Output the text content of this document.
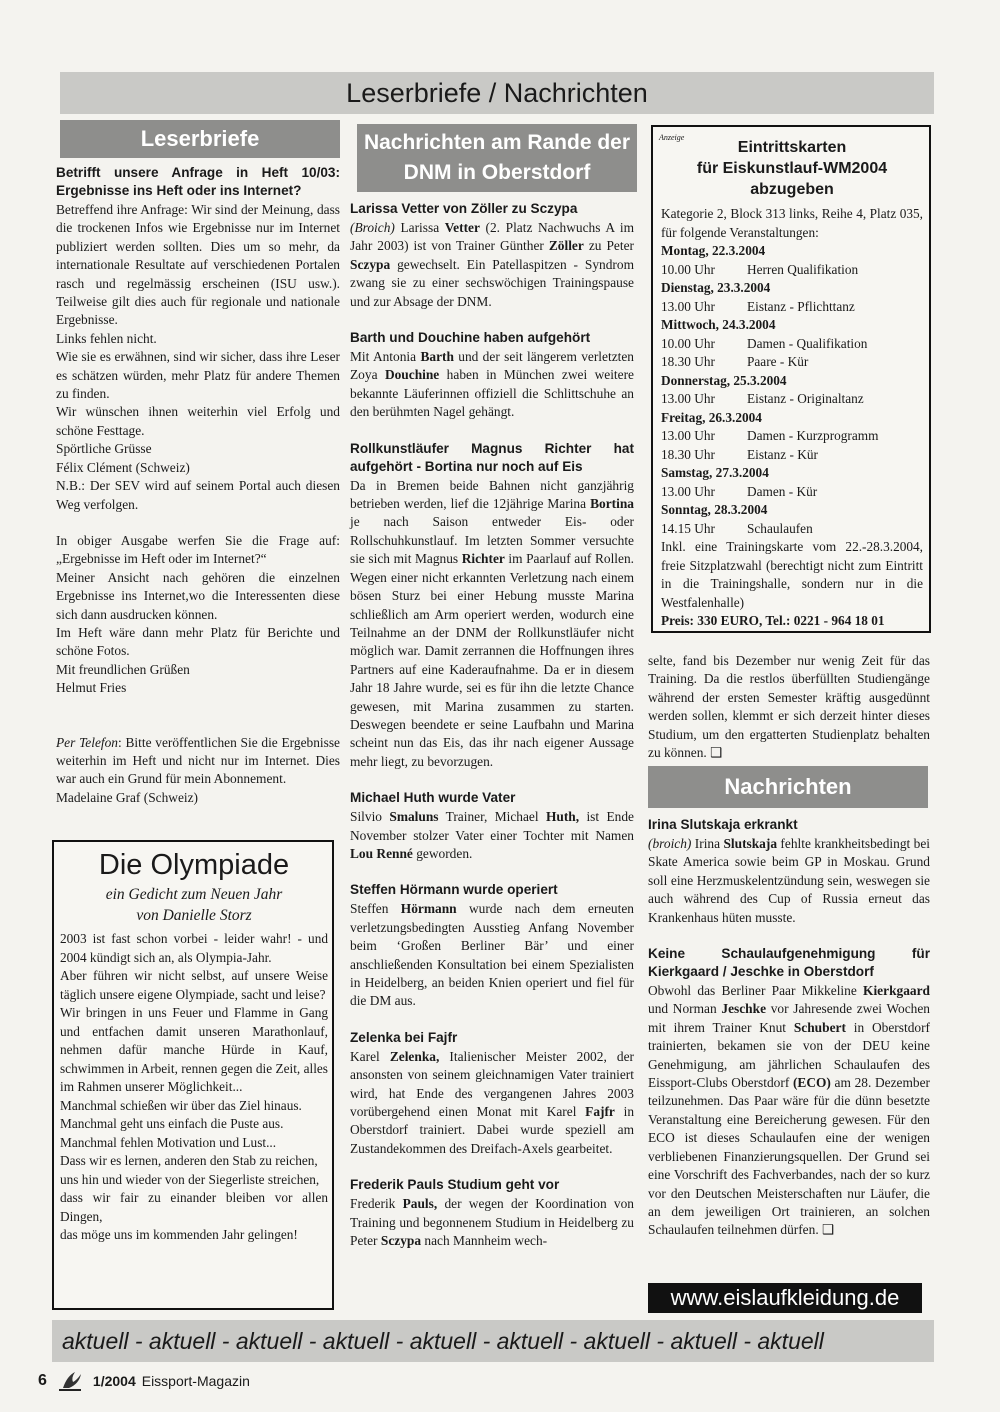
Leserbriefe / Nachrichten
Leserbriefe	Nachrichten am Rande der DNM in Oberstdorf
Betrifft unsere Anfrage in Heft 10/03: Ergebnisse ins Heft oder ins Internet?

Betreffend ihre Anfrage: Wir sind der Meinung, dass die trockenen Infos wie Ergebnisse nur im Internet publiziert werden sollten. Dies um so mehr, da internationale Resultate auf verschiedenen Portalen rasch und regelmässig erscheinen (ISU usw.). Teilweise gilt dies auch für regionale und nationale Ergebnisse.

Links fehlen nicht.

Wie sie es erwähnen, sind wir sicher, dass ihre Leser es schätzen würden, mehr Platz für andere Themen zu finden.

Wir wünschen ihnen weiterhin viel Erfolg und schöne Festtage.

Spörtliche Grüsse

Félix Clément (Schweiz)

N.B.: Der SEV wird auf seinem Portal auch diesen Weg verfolgen.

In obiger Ausgabe werfen Sie die Frage auf: „Ergebnisse im Heft oder im Internet?“

Meiner Ansicht nach gehören die einzelnen Ergebnisse ins Internet,wo die Interessenten diese sich dann ausdrucken können.

Im Heft wäre dann mehr Platz für Berichte und schöne Fotos.

Mit freundlichen Grüßen

Helmut Fries

Per Telefon: Bitte veröffentlichen Sie die Ergebnisse weiterhin im Heft und nicht nur im Internet. Dies war auch ein Grund für mein Abonnement.

Madelaine Graf (Schweiz)

Die Olympiade
ein Gedicht zum Neuen Jahr
von Danielle Storz

2003 ist fast schon vorbei - leider wahr! - und 2004 kündigt sich an, als Olympia-Jahr.

Aber führen wir nicht selbst, auf unsere Weise täglich unsere eigene Olympiade, sacht und leise?

Wir bringen in uns Feuer und Flamme in Gang und entfachen damit unseren Marathonlauf, nehmen dafür manche Hürde in Kauf, schwimmen in Arbeit, rennen gegen die Zeit, alles im Rahmen unserer Möglichkeit...

Manchmal schießen wir über das Ziel hinaus.

Manchmal geht uns einfach die Puste aus.

Manchmal fehlen Motivation und Lust...

Dass wir es lernen, anderen den Stab zu reichen,

uns hin und wieder von der Siegerliste streichen,

dass wir fair zu einander bleiben vor allen Dingen,

das möge uns im kommenden Jahr gelingen!

Larissa Vetter von Zöller zu Sczypa

(Broich) Larissa Vetter (2. Platz Nachwuchs A im Jahr 2003) ist von Trainer Günther Zöller zu Peter Sczypa gewechselt. Ein Patellaspitzen - Syndrom zwang sie zu einer sechswöchigen Trainingspause und zur Absage der DNM.

Barth und Douchine haben aufgehört

Mit Antonia Barth und der seit längerem verletzten Zoya Douchine haben in München zwei weitere bekannte Läuferinnen offiziell die Schlittschuhe an den berühmten Nagel gehängt.

Rollkunstläufer Magnus Richter hat aufgehört - Bortina nur noch auf Eis

Da in Bremen beide Bahnen nicht ganzjährig betrieben werden, lief die 12jährige Marina Bortina je nach Saison entweder Eis- oder Rollschuhkunstlauf. Im letzten Sommer versuchte sie sich mit Magnus Richter im Paarlauf auf Rollen. Wegen einer nicht erkannten Verletzung nach einem bösen Sturz bei einer Hebung musste Marina schließlich am Arm operiert werden, wodurch eine Teilnahme an der DNM der Rollkunstläufer nicht möglich war. Damit zerrannen die Hoffnungen ihres Partners auf eine Kaderaufnahme. Da er in diesem Jahr 18 Jahre wurde, sei es für ihn die letzte Chance gewesen, mit Marina zusammen zu starten. Deswegen beendete er seine Laufbahn und Marina scheint nun das Eis, das ihr nach eigener Aussage mehr liegt, zu bevorzugen.

Michael Huth wurde Vater

Silvio Smaluns Trainer, Michael Huth, ist Ende November stolzer Vater einer Tochter mit Namen Lou Renné geworden.

Steffen Hörmann wurde operiert

Steffen Hörmann wurde nach dem erneuten verletzungsbedingten Ausstieg Anfang November beim ‘Großen Berliner Bär’ und einer anschließenden Konsultation bei einem Spezialisten in Heidelberg, an beiden Knien operiert und fiel für die DM aus.

Zelenka bei Fajfr

Karel Zelenka, Italienischer Meister 2002, der ansonsten von seinem gleichnamigen Vater trainiert wird, hat Ende des vergangenen Jahres 2003 vorübergehend einen Monat mit Karel Fajfr in Oberstdorf trainiert. Dabei wurde speziell am Zustandekommen des Dreifach-Axels gearbeitet.

Frederik Pauls Studium geht vor

Frederik Pauls, der wegen der Koordination von Training und begonnenem Studium in Heidelberg zu Peter Sczypa nach Mannheim wech-

Anzeige
Eintrittskarten
für Eiskunstlauf-WM2004
abzugeben

Kategorie 2, Block 313 links, Reihe 4, Platz 035, für folgende Veranstaltungen:

Montag, 22.3.2004

10.00 Uhr	Herren Qualifikation

Dienstag, 23.3.2004

13.00 Uhr	Eistanz - Pflichttanz

Mittwoch, 24.3.2004

10.00 Uhr	Damen - Qualifikation
18.30 Uhr	Paare - Kür

Donnerstag, 25.3.2004

13.00 Uhr	Eistanz - Originaltanz

Freitag, 26.3.2004

13.00 Uhr	Damen - Kurzprogramm
18.30 Uhr	Eistanz - Kür

Samstag, 27.3.2004

13.00 Uhr	Damen - Kür

Sonntag, 28.3.2004

14.15 Uhr	Schaulaufen

Inkl. eine Trainingskarte vom 22.-28.3.2004, freie Sitzplatzwahl (berechtigt nicht zum Eintritt in die Trainingshalle, sondern nur in die Westfalenhalle)

Preis: 330 EURO, Tel.: 0221 - 964 18 01

selte, fand bis Dezember nur wenig Zeit für das Training. Da die restlos überfüllten Studiengänge während der ersten Semester kräftig ausgedünnt werden sollen, klemmt er sich derzeit hinter dieses Studium, um den ergatterten Studienplatz behalten zu können. ❑
Nachrichten
Irina Slutskaja erkrankt

(broich) Irina Slutskaja fehlte krankheitsbedingt bei Skate America sowie beim GP in Moskau. Grund soll eine Herzmuskelentzündung sein, weswegen sie auch während des Cup of Russia erneut das Krankenhaus hüten musste.

Keine Schaulaufgenehmigung für Kierkgaard / Jeschke in Oberstdorf

Obwohl das Berliner Paar Mikkeline Kierkgaard und Norman Jeschke vor Jahresende zwei Wochen mit ihrem Trainer Knut Schubert in Oberstdorf trainierten, bekamen sie von der DEU keine Genehmigung, am jährlichen Schaulaufen des Eissport-Clubs Oberstdorf (ECO) am 28. Dezember teilzunehmen. Das Paar wäre für die dünn besetzte Veranstaltung eine Bereicherung gewesen. Für den ECO ist dieses Schaulaufen eine der wenigen verbliebenen Finanzierungsquellen. Der Grund sei eine Vorschrift des Fachverbandes, nach der so kurz vor den Deutschen Meisterschaften nur Läufer, die an dem jeweiligen Ort trainieren, an solchen Schaulaufen teilnehmen dürfen. ❑

www.eislaufkleidung.de
aktuell - aktuell - aktuell - aktuell - aktuell - aktuell - aktuell - aktuell - aktuell
6	1/2004 Eissport-Magazin
